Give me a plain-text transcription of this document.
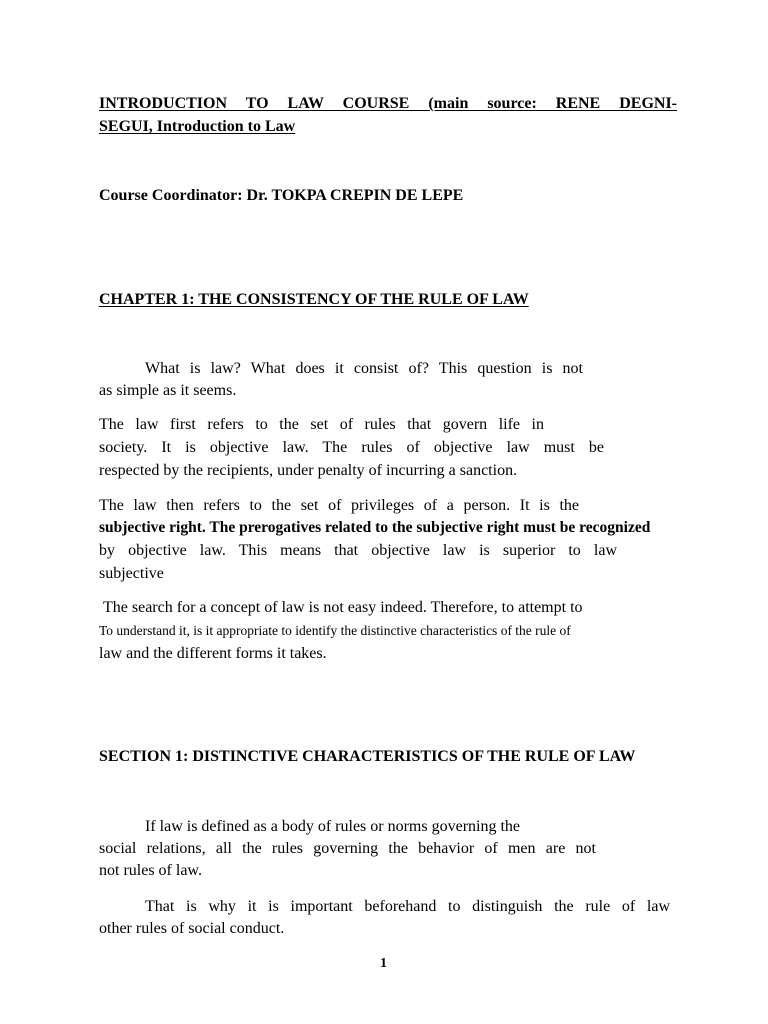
INTRODUCTION TO LAW COURSE (main source: RENE DEGNI-
SEGUI, Introduction to Law
Course Coordinator: Dr. TOKPA CREPIN DE LEPE
CHAPTER 1: THE CONSISTENCY OF THE RULE OF LAW
What is law? What does it consist of? This question is not
as simple as it seems.
The law first refers to the set of rules that govern life in
society. It is objective law. The rules of objective law must be
respected by the recipients, under penalty of incurring a sanction.
The law then refers to the set of privileges of a person. It is the
subjective right. The prerogatives related to the subjective right must be recognized
by objective law. This means that objective law is superior to law
subjective
The search for a concept of law is not easy indeed. Therefore, to attempt to
To understand it, is it appropriate to identify the distinctive characteristics of the rule of
law and the different forms it takes.
SECTION 1: DISTINCTIVE CHARACTERISTICS OF THE RULE OF LAW
If law is defined as a body of rules or norms governing the
social relations, all the rules governing the behavior of men are not
not rules of law.
That is why it is important beforehand to distinguish the rule of law
other rules of social conduct.
1
